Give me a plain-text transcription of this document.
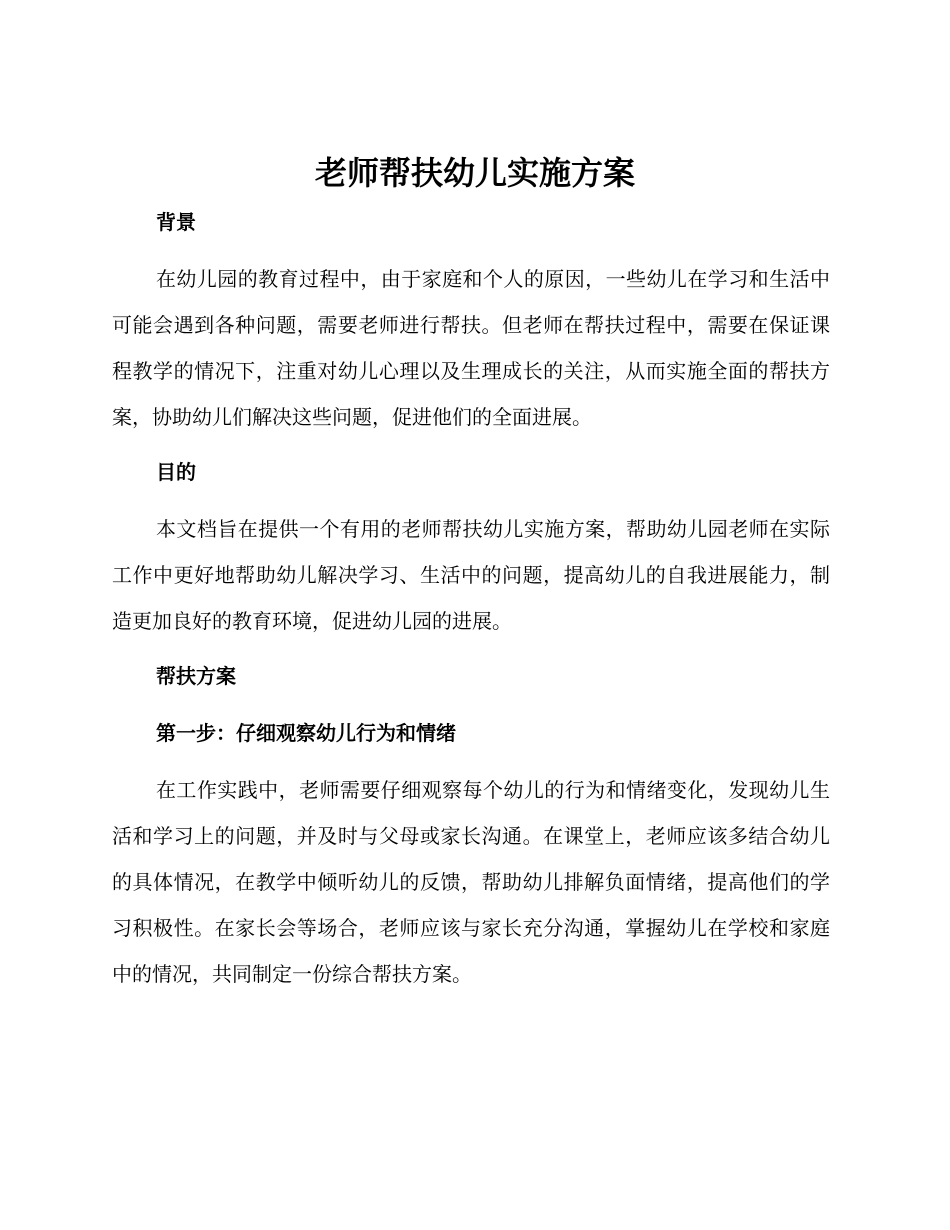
老师帮扶幼儿实施方案
背景

在幼儿园的教育过程中，由于家庭和个人的原因，一些幼儿在学习和生活中可能会遇到各种问题，需要老师进行帮扶。但老师在帮扶过程中，需要在保证课程教学的情况下，注重对幼儿心理以及生理成长的关注，从而实施全面的帮扶方案，协助幼儿们解决这些问题，促进他们的全面进展。

目的

本文档旨在提供一个有用的老师帮扶幼儿实施方案，帮助幼儿园老师在实际工作中更好地帮助幼儿解决学习、生活中的问题，提高幼儿的自我进展能力，制造更加良好的教育环境，促进幼儿园的进展。

帮扶方案
第一步：仔细观察幼儿行为和情绪

在工作实践中，老师需要仔细观察每个幼儿的行为和情绪变化，发现幼儿生活和学习上的问题，并及时与父母或家长沟通。在课堂上，老师应该多结合幼儿的具体情况，在教学中倾听幼儿的反馈，帮助幼儿排解负面情绪，提高他们的学习积极性。在家长会等场合，老师应该与家长充分沟通，掌握幼儿在学校和家庭中的情况，共同制定一份综合帮扶方案。
